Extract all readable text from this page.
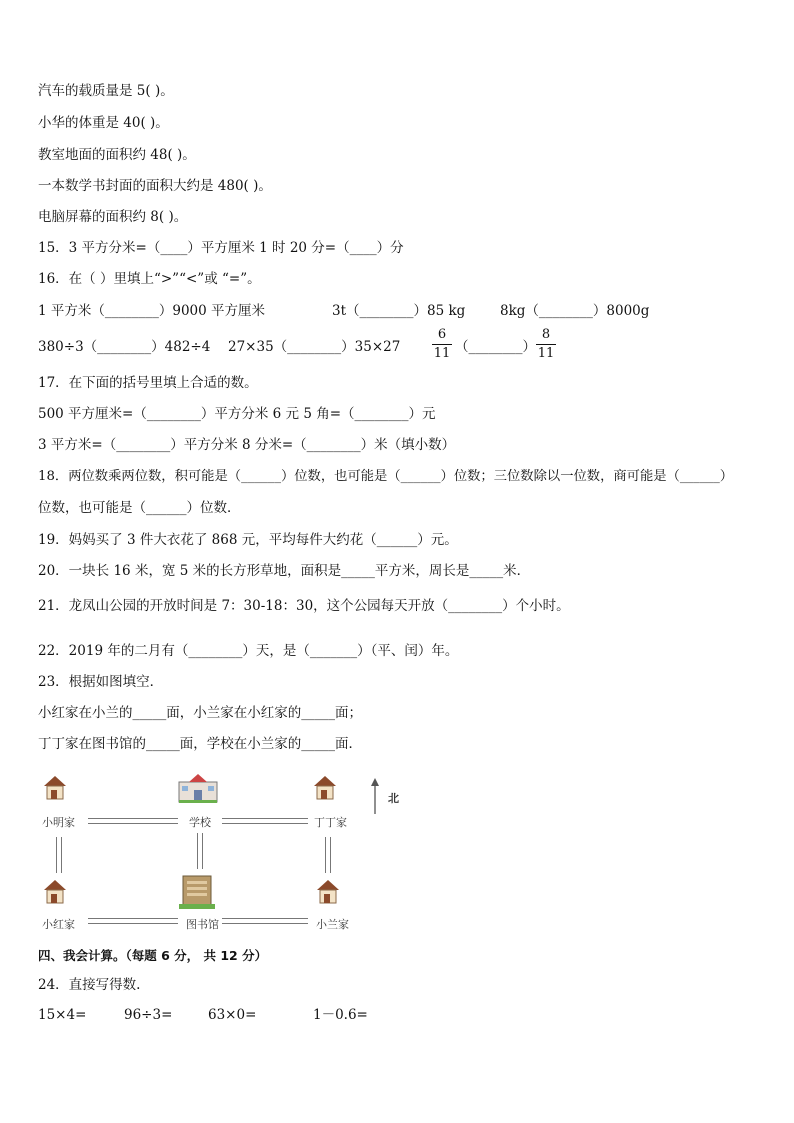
汽车的载质量是 5( )。
小华的体重是 40( )。
教室地面的面积约 48( )。
一本数学书封面的面积大约是 480( )。
电脑屏幕的面积约 8( )。
15．3 平方分米=（____）平方厘米 1 时 20 分=（____）分
16．在（ ）里填上“>”“<”或 “=”。
1 平方米（________）9000 平方厘米	3t（________）85 kg	8kg（________）8000g
380÷3（________）482÷4 27×35（________）35×27 $\frac{6}{11}$ （________） $\frac{8}{11}$
17．在下面的括号里填上合适的数。
500 平方厘米=（________）平方分米 6 元 5 角=（________）元
3 平方米=（________）平方分米 8 分米=（________）米（填小数）
18．两位数乘两位数，积可能是（______）位数，也可能是（______）位数；三位数除以一位数，商可能是（______）
位数，也可能是（______）位数．
19．妈妈买了 3 件大衣花了 868 元，平均每件大约花（______）元。
20．一块长 16 米，宽 5 米的长方形草地，面积是_____平方米，周长是_____米．
21．龙凤山公园的开放时间是 7：30-18：30，这个公园每天开放（________）个小时。
22．2019 年的二月有（________）天，是（_______）（平、闰）年。
23．根据如图填空．
小红家在小兰的_____面，小兰家在小红家的_____面；
丁丁家在图书馆的_____面，学校在小兰家的_____面．
小明家	学校	丁丁家
北
小红家	图书馆	小兰家
四、我会计算。（每题 6 分， 共 12 分）
24．直接写得数.
15×4=	96÷3=	63×0=	1－0.6=
